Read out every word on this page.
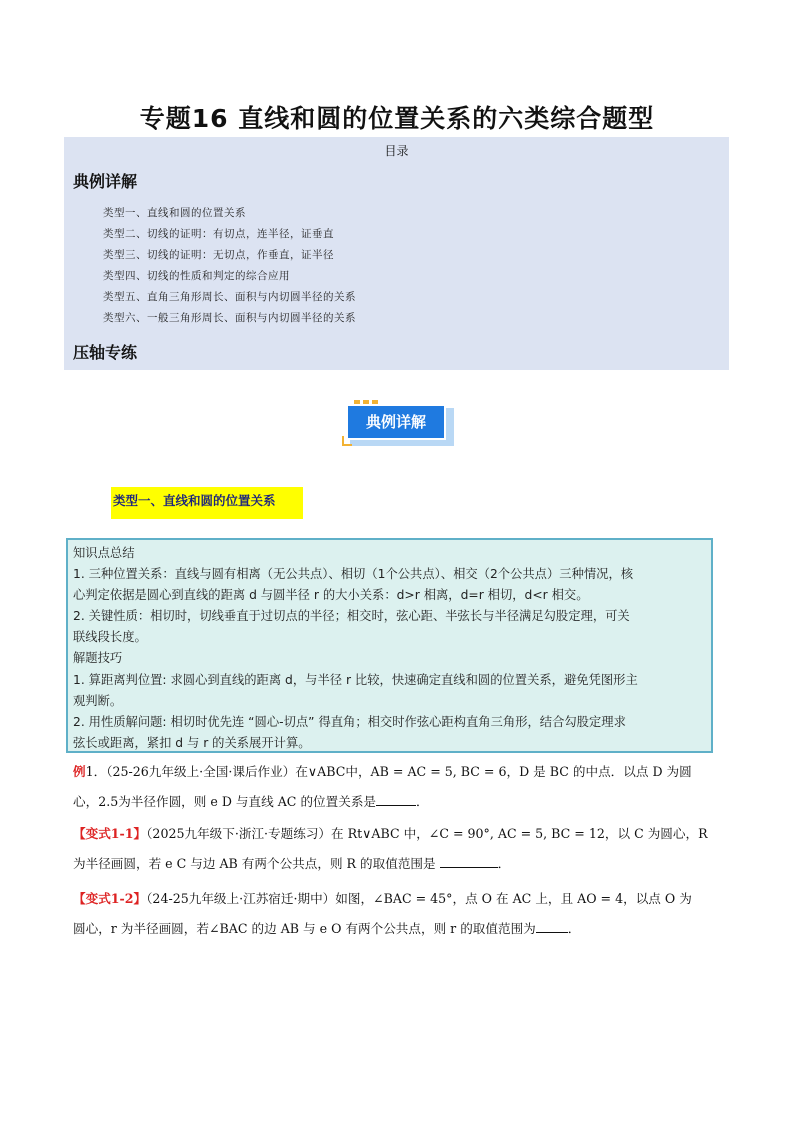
专题16 直线和圆的位置关系的六类综合题型
目录
典例详解
类型一、直线和圆的位置关系
类型二、切线的证明：有切点，连半径，证垂直
类型三、切线的证明：无切点，作垂直，证半径
类型四、切线的性质和判定的综合应用
类型五、直角三角形周长、面积与内切圆半径的关系
类型六、一般三角形周长、面积与内切圆半径的关系
压轴专练
典例详解
类型一、直线和圆的位置关系

知识点总结

1. 三种位置关系：直线与圆有相离（无公共点）、相切（1个公共点）、相交（2个公共点）三种情况，核

心判定依据是圆心到直线的距离 d 与圆半径 r 的大小关系：d>r 相离，d=r 相切，d<r 相交。

2. 关键性质：相切时，切线垂直于过切点的半径；相交时，弦心距、半弦长与半径满足勾股定理，可关

联线段长度。

解题技巧

1. 算距离判位置: 求圆心到直线的距离 d，与半径 r 比较，快速确定直线和圆的位置关系，避免凭图形主

观判断。

2. 用性质解问题: 相切时优先连 “圆心-切点” 得直角；相交时作弦心距构直角三角形，结合勾股定理求

弦长或距离，紧扣 d 与 r 的关系展开计算。

例1．（25-26九年级上·全国·课后作业）在∨ABC中，AB = AC = 5, BC = 6，D 是 BC 的中点．以点 D 为圆
心，2.5为半径作圆，则 e D 与直线 AC 的位置关系是	．
【变式1-1】（2025九年级下·浙江·专题练习）在 Rt∨ABC 中，∠C = 90°, AC = 5, BC = 12，以 C 为圆心，R
为半径画圆，若 e C 与边 AB 有两个公共点，则 R 的取值范围是	．
【变式1-2】（24-25九年级上·江苏宿迁·期中）如图，∠BAC = 45°，点 O 在 AC 上，且 AO = 4，以点 O 为
圆心，r 为半径画圆，若∠BAC 的边 AB 与 e O 有两个公共点，则 r 的取值范围为	．
